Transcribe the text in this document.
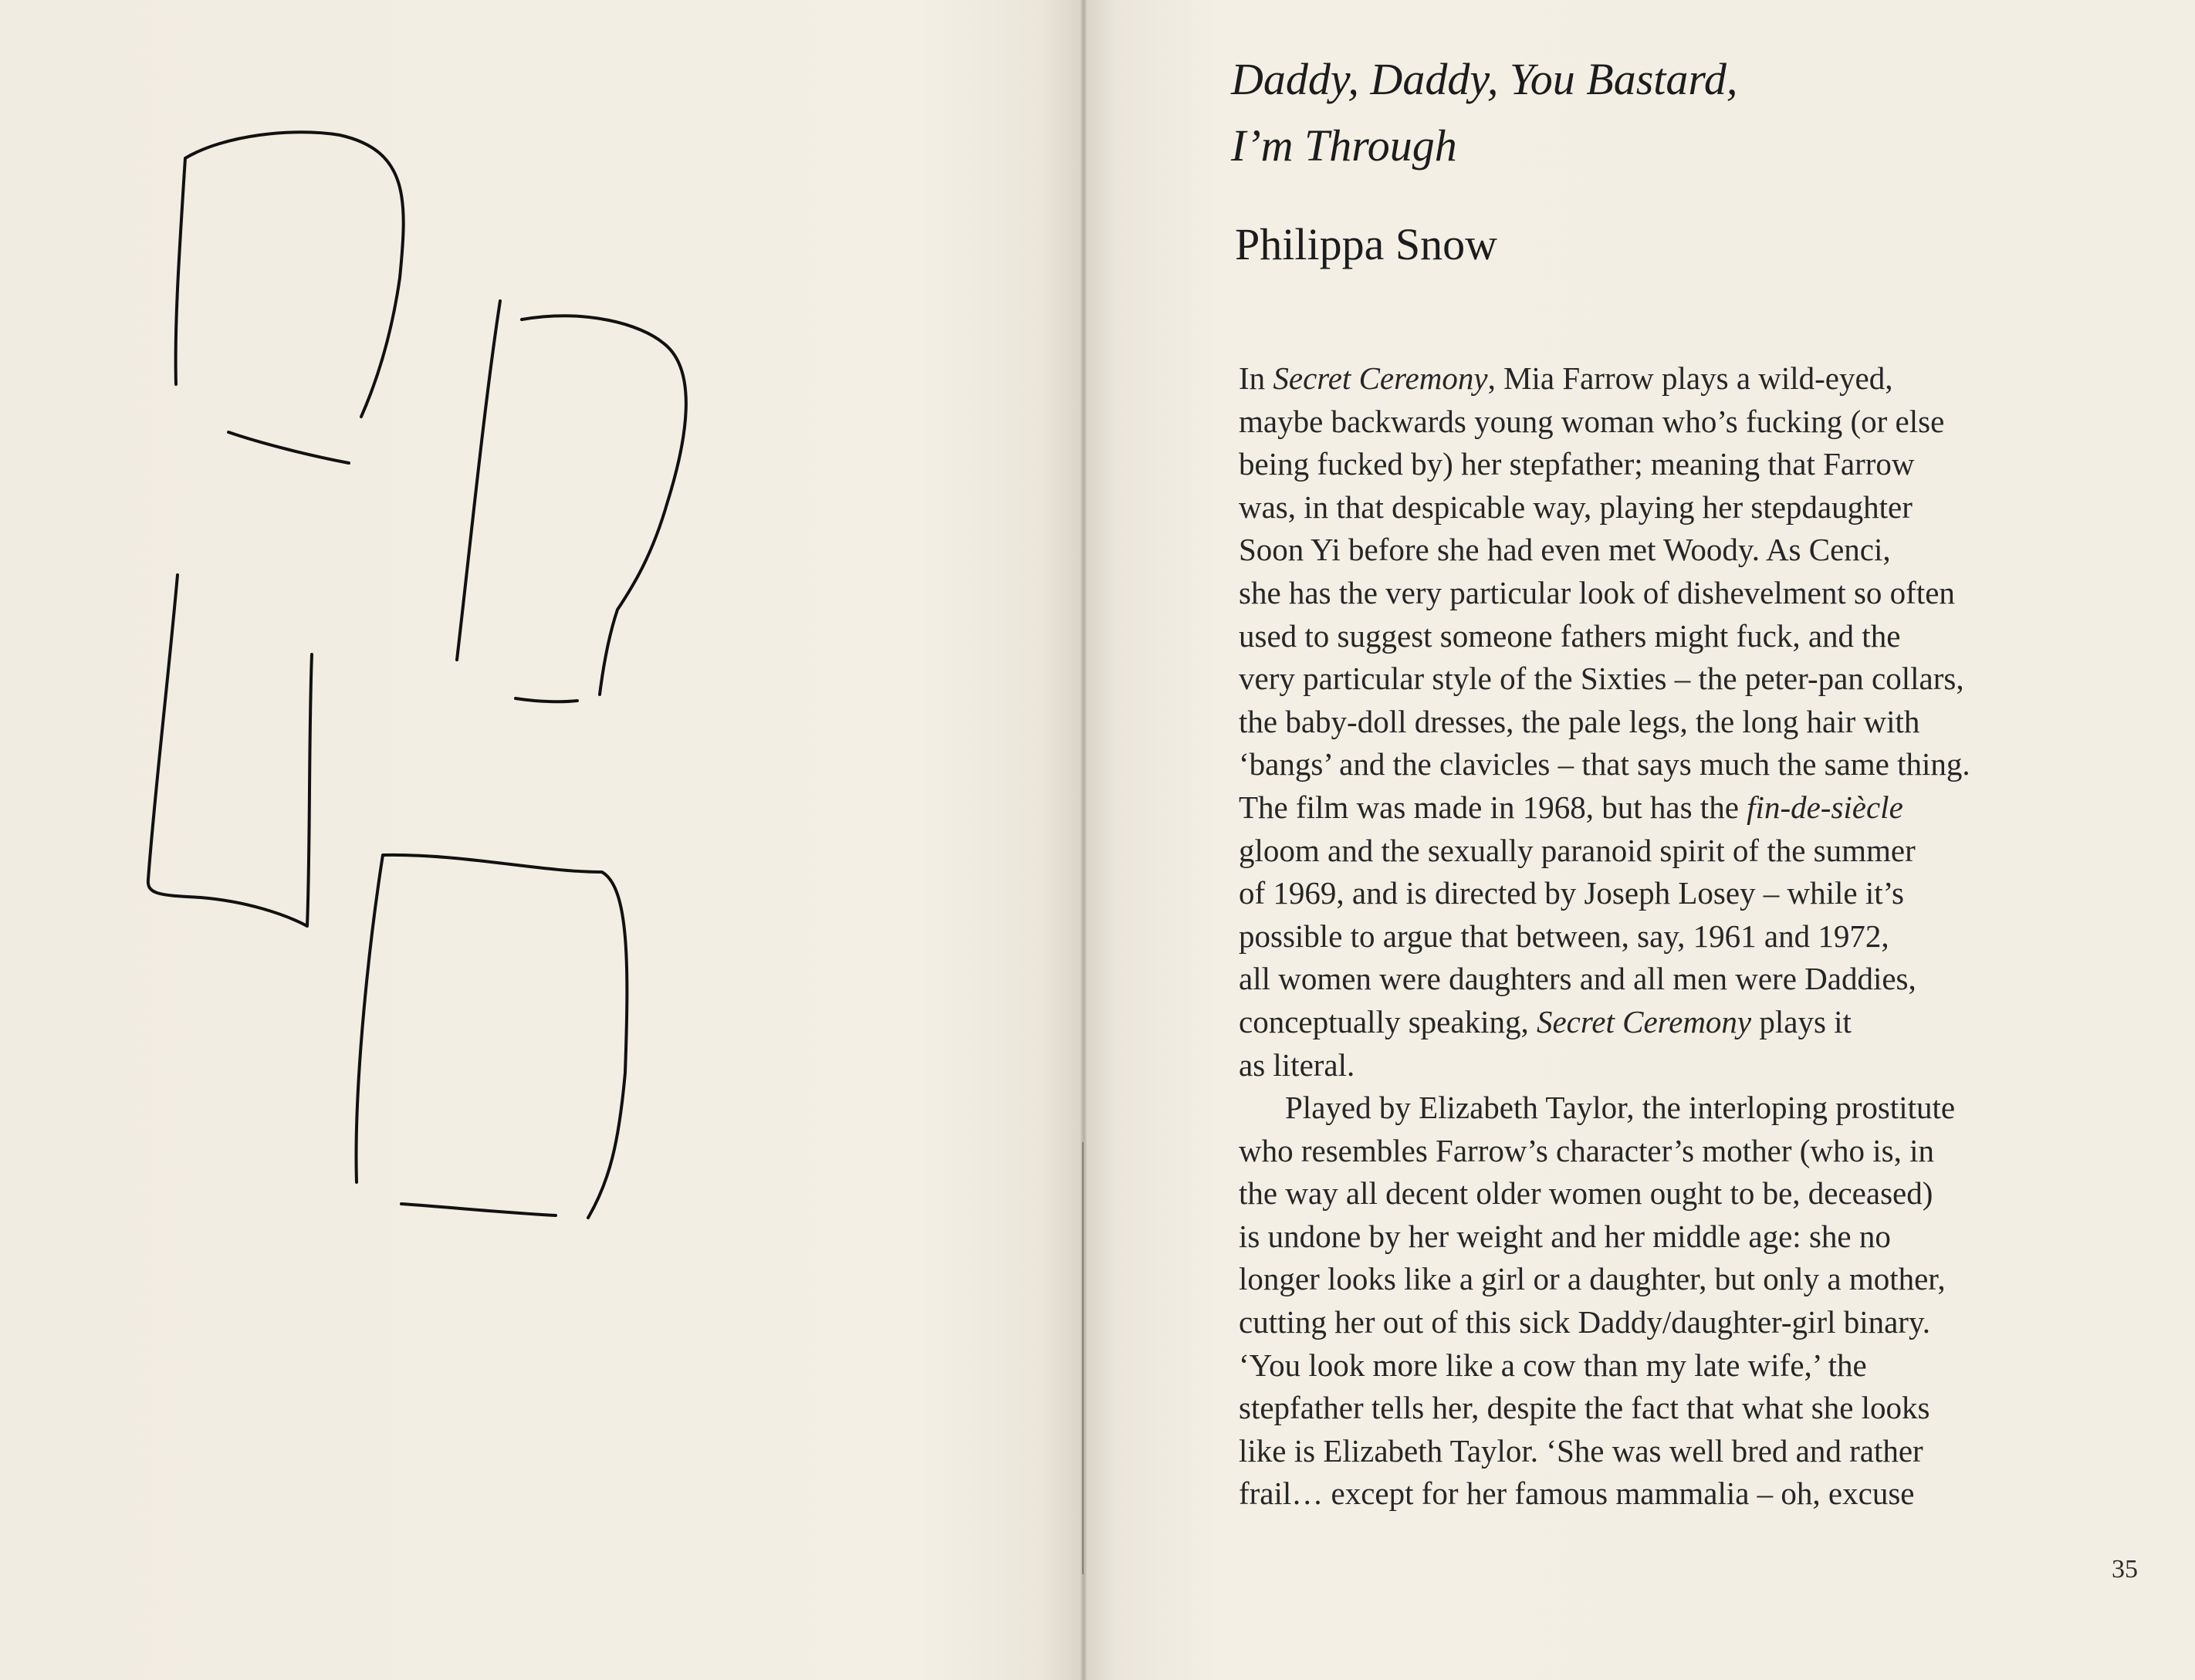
Daddy, Daddy, You Bastard,
I’m Through
Philippa Snow
In Secret Ceremony, Mia Farrow plays a wild-eyed,
maybe backwards young woman who’s fucking (or else
being fucked by) her stepfather; meaning that Farrow
was, in that despicable way, playing her stepdaughter
Soon Yi before she had even met Woody. As Cenci,
she has the very particular look of dishevelment so often
used to suggest someone fathers might fuck, and the
very particular style of the Sixties – the peter-pan collars,
the baby-doll dresses, the pale legs, the long hair with
‘bangs’ and the clavicles – that says much the same thing.
The film was made in 1968, but has the fin-de-siècle
gloom and the sexually paranoid spirit of the summer
of 1969, and is directed by Joseph Losey – while it’s
possible to argue that between, say, 1961 and 1972,
all women were daughters and all men were Daddies,
conceptually speaking, Secret Ceremony plays it
as literal.
Played by Elizabeth Taylor, the interloping prostitute
who resembles Farrow’s character’s mother (who is, in
the way all decent older women ought to be, deceased)
is undone by her weight and her middle age: she no
longer looks like a girl or a daughter, but only a mother,
cutting her out of this sick Daddy/daughter-girl binary.
‘You look more like a cow than my late wife,’ the
stepfather tells her, despite the fact that what she looks
like is Elizabeth Taylor. ‘She was well bred and rather
frail… except for her famous mammalia – oh, excuse
35
